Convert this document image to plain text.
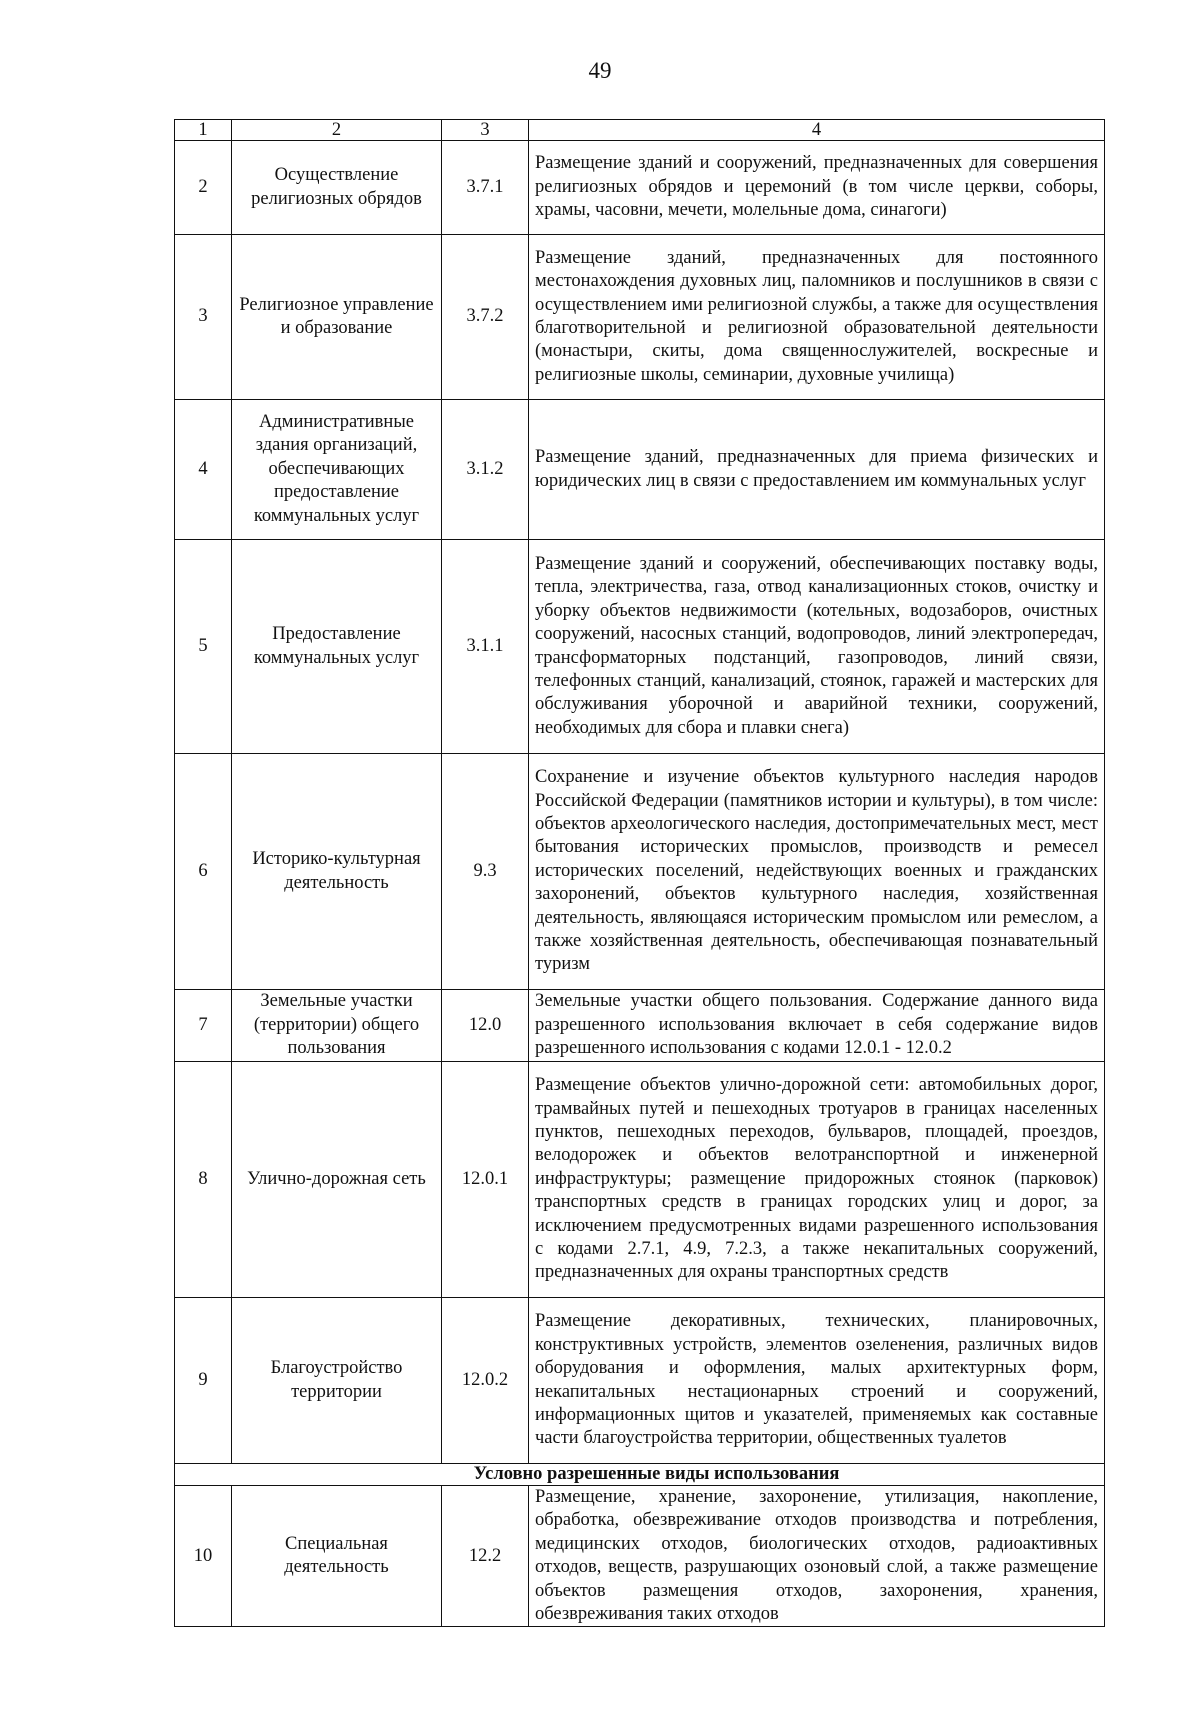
49
1	2	3	4
2	Осуществление религиозных обрядов	3.7.1	Размещение зданий и сооружений, предназначенных для совершения религиозных обрядов и церемоний (в том числе церкви, соборы, храмы, часовни, мечети, молельные дома, синагоги)
3	Религиозное управление и образование	3.7.2	Размещение зданий, предназначенных для постоянного местонахождения духовных лиц, паломников и послушников в связи с осуществлением ими религиозной службы, а также для осуществления благотворительной и религиозной образовательной деятельности (монастыри, скиты, дома священнослужителей, воскресные и религиозные школы, семинарии, духовные училища)
4	Административные здания организаций, обеспечивающих предоставление коммунальных услуг	3.1.2	Размещение зданий, предназначенных для приема физических и юридических лиц в связи с предоставлением им коммунальных услуг
5	Предоставление коммунальных услуг	3.1.1	Размещение зданий и сооружений, обеспечивающих поставку воды, тепла, электричества, газа, отвод канализационных стоков, очистку и уборку объектов недвижимости (котельных, водозаборов, очистных сооружений, насосных станций, водопроводов, линий электропередач, трансформаторных подстанций, газопроводов, линий связи, телефонных станций, канализаций, стоянок, гаражей и мастерских для обслуживания уборочной и аварийной техники, сооружений, необходимых для сбора и плавки снега)
6	Историко-культурная деятельность	9.3	Сохранение и изучение объектов культурного наследия народов Российской Федерации (памятников истории и культуры), в том числе: объектов археологического наследия, достопримечательных мест, мест бытования исторических промыслов, производств и ремесел исторических поселений, недействующих военных и гражданских захоронений, объектов культурного наследия, хозяйственная деятельность, являющаяся историческим промыслом или ремеслом, а также хозяйственная деятельность, обеспечивающая познавательный туризм
7	Земельные участки (территории) общего пользования	12.0	Земельные участки общего пользования. Содержание данного вида разрешенного использования включает в себя содержание видов разрешенного использования с кодами 12.0.1 - 12.0.2
8	Улично-дорожная сеть	12.0.1	Размещение объектов улично-дорожной сети: автомобильных дорог, трамвайных путей и пешеходных тротуаров в границах населенных пунктов, пешеходных переходов, бульваров, площадей, проездов, велодорожек и объектов велотранспортной и инженерной инфраструктуры; размещение придорожных стоянок (парковок) транспортных средств в границах городских улиц и дорог, за исключением предусмотренных видами разрешенного использования с кодами 2.7.1, 4.9, 7.2.3, а также некапитальных сооружений, предназначенных для охраны транспортных средств
9	Благоустройство территории	12.0.2	Размещение декоративных, технических, планировочных, конструктивных устройств, элементов озеленения, различных видов оборудования и оформления, малых архитектурных форм, некапитальных нестационарных строений и сооружений, информационных щитов и указателей, применяемых как составные части благоустройства территории, общественных туалетов
Условно разрешенные виды использования			
10	Специальная деятельность	12.2	Размещение, хранение, захоронение, утилизация, накопление, обработка, обезвреживание отходов производства и потребления, медицинских отходов, биологических отходов, радиоактивных отходов, веществ, разрушающих озоновый слой, а также размещение объектов размещения отходов, захоронения, хранения, обезвреживания таких отходов
